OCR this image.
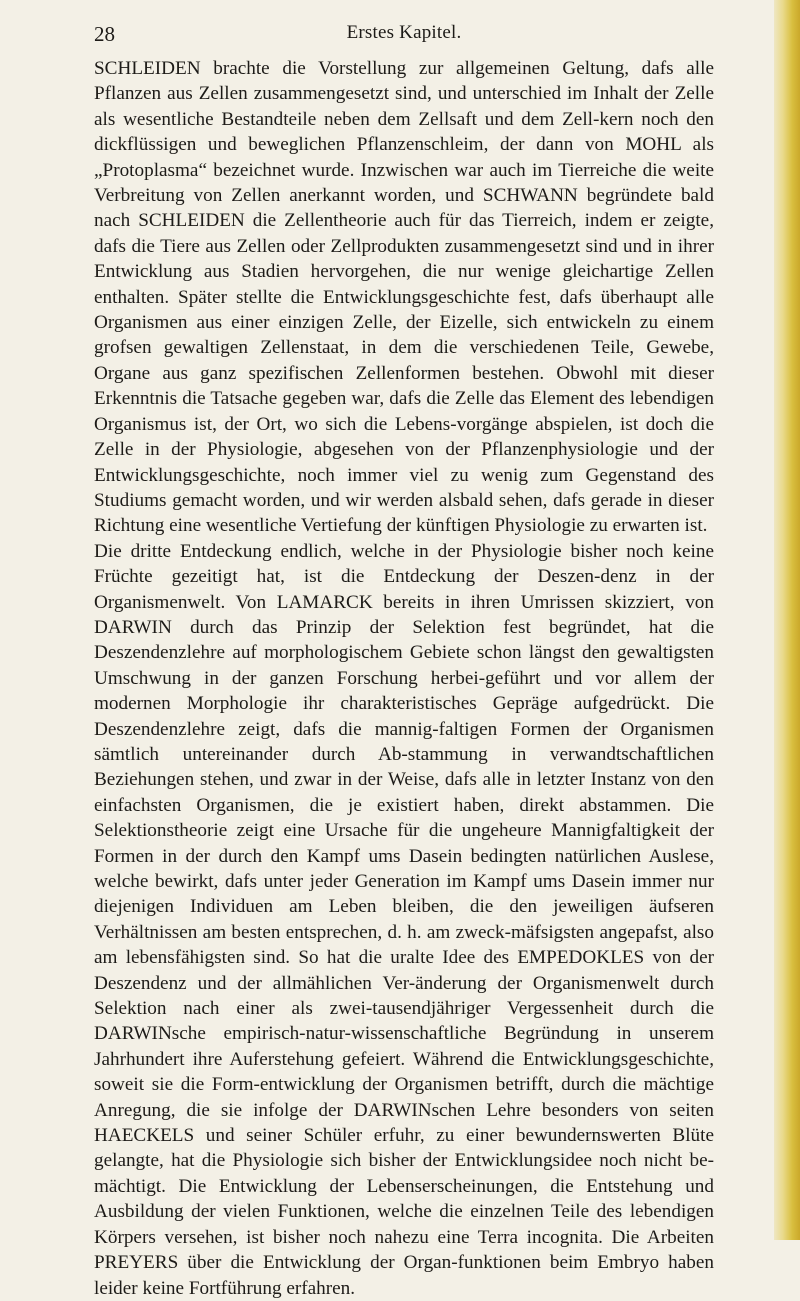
28	Erstes Kapitel.

SCHLEIDEN brachte die Vorstellung zur allgemeinen Geltung, dafs alle Pflanzen aus Zellen zusammengesetzt sind, und unterschied im Inhalt der Zelle als wesentliche Bestandteile neben dem Zellsaft und dem Zell-kern noch den dickflüssigen und beweglichen Pflanzenschleim, der dann von MOHL als „Protoplasma“ bezeichnet wurde. Inzwischen war auch im Tierreiche die weite Verbreitung von Zellen anerkannt worden, und SCHWANN begründete bald nach SCHLEIDEN die Zellentheorie auch für das Tierreich, indem er zeigte, dafs die Tiere aus Zellen oder Zellprodukten zusammengesetzt sind und in ihrer Entwicklung aus Stadien hervorgehen, die nur wenige gleichartige Zellen enthalten. Später stellte die Entwicklungsgeschichte fest, dafs überhaupt alle Organismen aus einer einzigen Zelle, der Eizelle, sich entwickeln zu einem grofsen gewaltigen Zellenstaat, in dem die verschiedenen Teile, Gewebe, Organe aus ganz spezifischen Zellenformen bestehen. Obwohl mit dieser Erkenntnis die Tatsache gegeben war, dafs die Zelle das Element des lebendigen Organismus ist, der Ort, wo sich die Lebens-vorgänge abspielen, ist doch die Zelle in der Physiologie, abgesehen von der Pflanzenphysiologie und der Entwicklungsgeschichte, noch immer viel zu wenig zum Gegenstand des Studiums gemacht worden, und wir werden alsbald sehen, dafs gerade in dieser Richtung eine wesentliche Vertiefung der künftigen Physiologie zu erwarten ist.

Die dritte Entdeckung endlich, welche in der Physiologie bisher noch keine Früchte gezeitigt hat, ist die Entdeckung der Deszen-denz in der Organismenwelt. Von LAMARCK bereits in ihren Umrissen skizziert, von DARWIN durch das Prinzip der Selektion fest begründet, hat die Deszendenzlehre auf morphologischem Gebiete schon längst den gewaltigsten Umschwung in der ganzen Forschung herbei-geführt und vor allem der modernen Morphologie ihr charakteristisches Gepräge aufgedrückt. Die Deszendenzlehre zeigt, dafs die mannig-faltigen Formen der Organismen sämtlich untereinander durch Ab-stammung in verwandtschaftlichen Beziehungen stehen, und zwar in der Weise, dafs alle in letzter Instanz von den einfachsten Organismen, die je existiert haben, direkt abstammen. Die Selektionstheorie zeigt eine Ursache für die ungeheure Mannigfaltigkeit der Formen in der durch den Kampf ums Dasein bedingten natürlichen Auslese, welche bewirkt, dafs unter jeder Generation im Kampf ums Dasein immer nur diejenigen Individuen am Leben bleiben, die den jeweiligen äufseren Verhältnissen am besten entsprechen, d. h. am zweck-mäfsigsten angepafst, also am lebensfähigsten sind. So hat die uralte Idee des EMPEDOKLES von der Deszendenz und der allmählichen Ver-änderung der Organismenwelt durch Selektion nach einer als zwei-tausendjähriger Vergessenheit durch die DARWINsche empirisch-natur-wissenschaftliche Begründung in unserem Jahrhundert ihre Auferstehung gefeiert. Während die Entwicklungsgeschichte, soweit sie die Form-entwicklung der Organismen betrifft, durch die mächtige Anregung, die sie infolge der DARWINschen Lehre besonders von seiten HAECKELS und seiner Schüler erfuhr, zu einer bewundernswerten Blüte gelangte, hat die Physiologie sich bisher der Entwicklungsidee noch nicht be-mächtigt. Die Entwicklung der Lebenserscheinungen, die Entstehung und Ausbildung der vielen Funktionen, welche die einzelnen Teile des lebendigen Körpers versehen, ist bisher noch nahezu eine Terra incognita. Die Arbeiten PREYERS über die Entwicklung der Organ-funktionen beim Embryo haben leider keine Fortführung erfahren.
